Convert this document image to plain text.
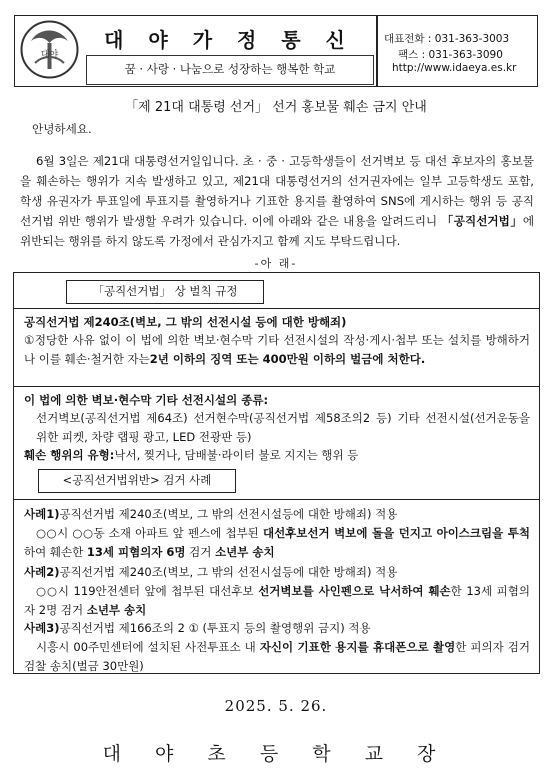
대야
대 야 가 정 통 신
꿈 · 사랑 · 나눔으로 성장하는 행복한 학교
대표전화 : 031-363-3003
팩스 : 031-363-3090
http://www.idaeya.es.kr
「제 21대 대통령 선거」 선거 홍보물 훼손 금지 안내
안녕하세요.

6월 3일은 제21대 대통령선거일입니다. 초 · 중 · 고등학생들이 선거벽보 등 대선 후보자의 홍보물을 훼손하는 행위가 지속 발생하고 있고, 제21대 대통령선거의 선거권자에는 일부 고등학생도 포함, 학생 유권자가 투표일에 투표지를 촬영하거나 기표한 용지를 촬영하여 SNS에 게시하는 행위 등 공직 선거법 위반 행위가 발생할 우려가 있습니다. 이에 아래와 같은 내용을 알려드리니 「공직선거법」에 위반되는 행위를 하지 않도록 가정에서 관심가지고 함께 지도 부탁드립니다.

-아 래-
「공직선거법」 상 벌칙 규정
공직선거법 제240조(벽보, 그 밖의 선전시설 등에 대한 방해죄)
①정당한 사유 없이 이 법에 의한 벽보·현수막 기타 선전시설의 작성·게시·첩부 또는 설치를 방해하거나 이를 훼손·철거한 자는2년 이하의 징역 또는 400만원 이하의 벌금에 처한다.
이 법에 의한 벽보·현수막 기타 선전시설의 종류:
선거벽보(공직선거법 제64조) 선거현수막(공직선거법 제58조의2 등) 기타 선전시설(선거운동을 위한 피켓, 차량 랩핑 광고, LED 전광판 등)
훼손 행위의 유형:낙서, 찢거나, 담배불·라이터 불로 지지는 행위 등
<공직선거법위반> 검거 사례
사례1)공직선거법 제240조(벽보, 그 밖의 선전시설등에 대한 방해죄) 적용
○○시 ○○동 소재 아파트 앞 펜스에 첩부된 대선후보선거 벽보에 돌을 던지고 아이스크림을 투척하여 훼손한 13세 피혐의자 6명 검거 소년부 송치
사례2)공직선거법 제240조(벽보, 그 밖의 선전시설등에 대한 방해죄) 적용
○○시 119안전센터 앞에 첩부된 대선후보 선거벽보를 사인펜으로 낙서하여 훼손한 13세 피혐의자 2명 검거 소년부 송치
사례3)공직선거법 제166조의 2 ① (투표지 등의 촬영행위 금지) 적용
시흥시 00주민센터에 설치된 사전투표소 내 자신이 기표한 용지를 휴대폰으로 촬영한 피의자 검거 검찰 송치(벌금 30만원)
2025. 5. 26.
대 야 초 등 학 교 장
